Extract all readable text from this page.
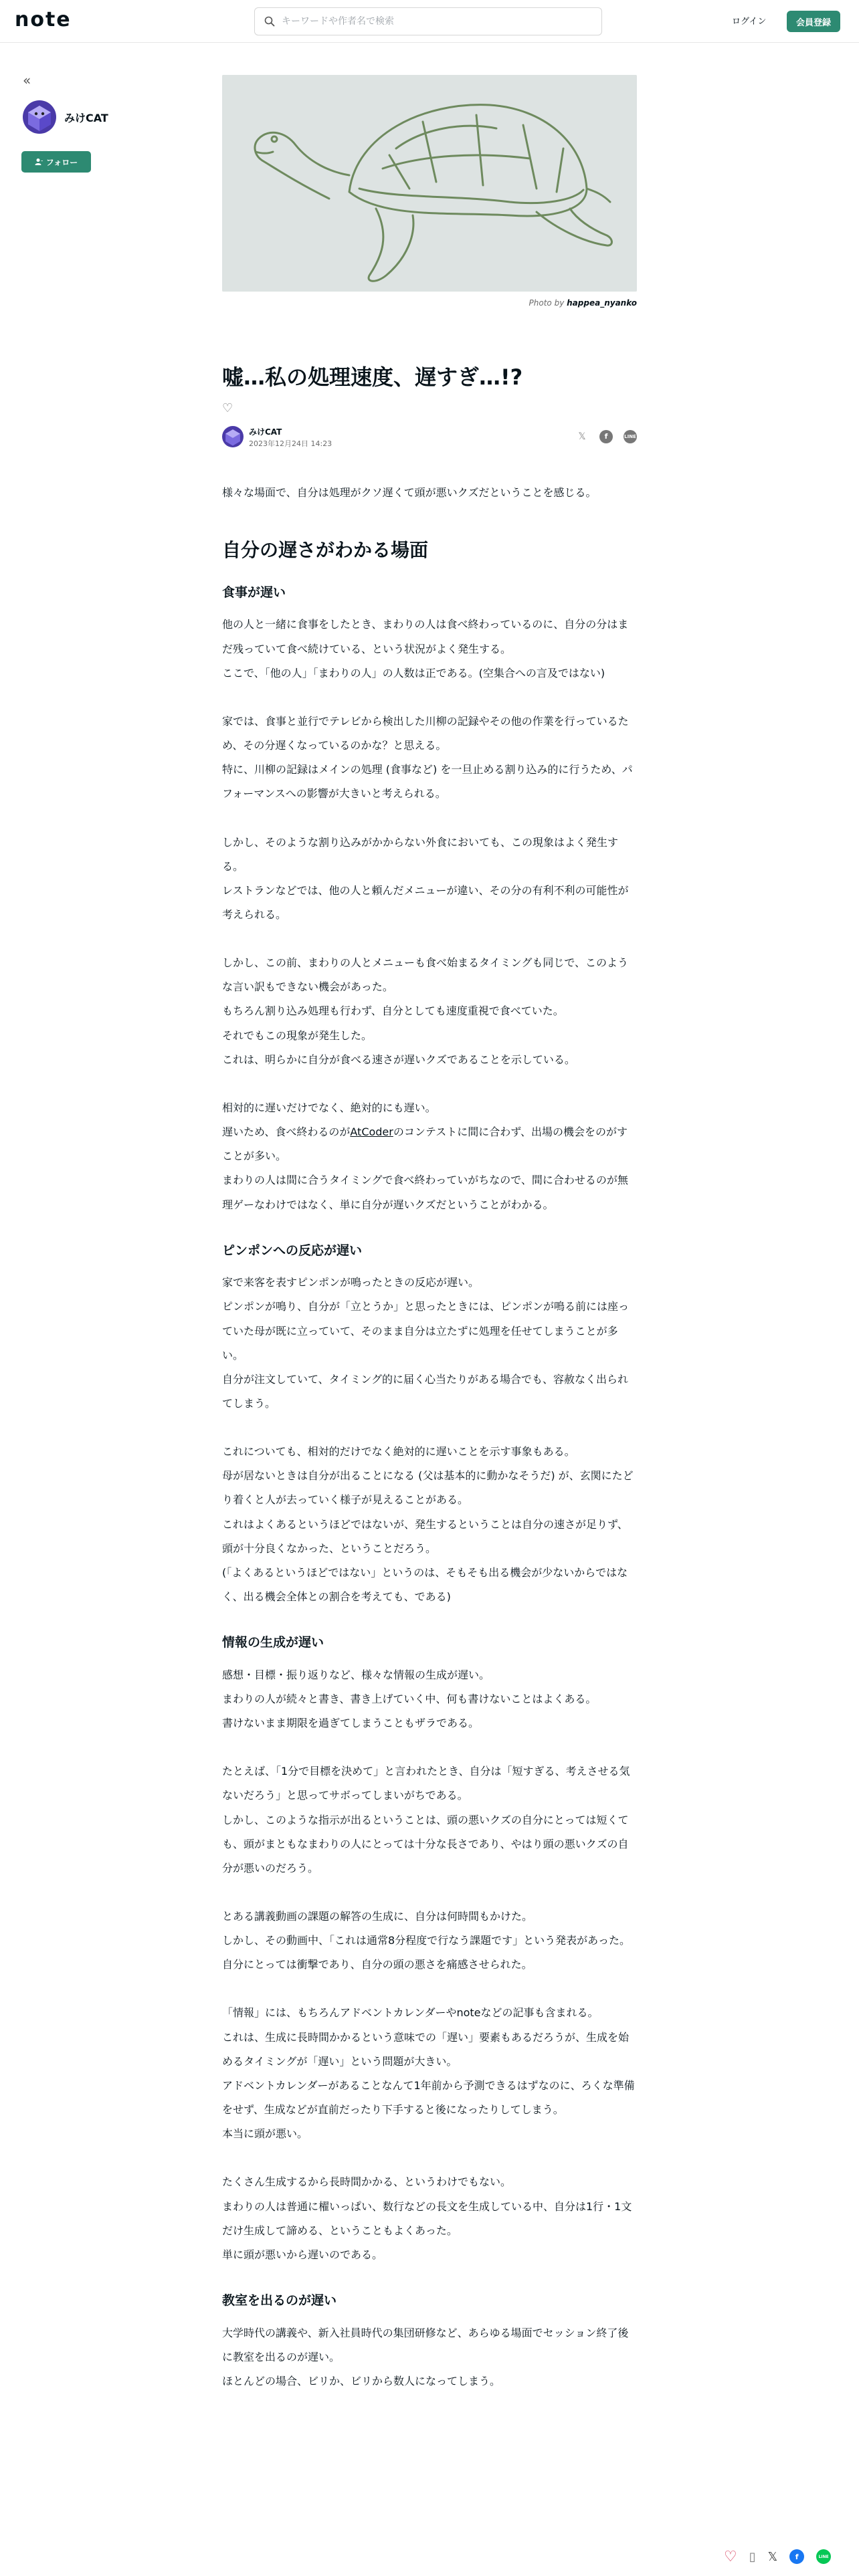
note
キーワードや作者名で検索	ログイン	会員登録
«
みけCAT
フォロー
Photo by happea_nyanko
嘘…私の処理速度、遅すぎ…!?
♡
みけCAT
2023年12月24日 14:23
𝕏	f	LINE

様々な場面で、自分は処理がクソ遅くて頭が悪いクズだということを感じる。

自分の遅さがわかる場面
食事が遅い

他の人と一緒に食事をしたとき、まわりの人は食べ終わっているのに、自分の分はまだ残っていて食べ続けている、という状況がよく発生する。
ここで、「他の人」「まわりの人」の人数は正である。(空集合への言及ではない)

家では、食事と並行でテレビから検出した川柳の記録やその他の作業を行っているため、その分遅くなっているのかな？と思える。
特に、川柳の記録はメインの処理 (食事など) を一旦止める割り込み的に行うため、パフォーマンスへの影響が大きいと考えられる。

しかし、そのような割り込みがかからない外食においても、この現象はよく発生する。
レストランなどでは、他の人と頼んだメニューが違い、その分の有利不利の可能性が考えられる。

しかし、この前、まわりの人とメニューも食べ始まるタイミングも同じで、このような言い訳もできない機会があった。
もちろん割り込み処理も行わず、自分としても速度重視で食べていた。
それでもこの現象が発生した。
これは、明らかに自分が食べる速さが遅いクズであることを示している。

相対的に遅いだけでなく、絶対的にも遅い。
遅いため、食べ終わるのがAtCoderのコンテストに間に合わず、出場の機会をのがすことが多い。
まわりの人は間に合うタイミングで食べ終わっていがちなので、間に合わせるのが無理ゲーなわけではなく、単に自分が遅いクズだということがわかる。

ピンポンへの反応が遅い

家で来客を表すピンポンが鳴ったときの反応が遅い。
ピンポンが鳴り、自分が「立とうか」と思ったときには、ピンポンが鳴る前には座っていた母が既に立っていて、そのまま自分は立たずに処理を任せてしまうことが多い。
自分が注文していて、タイミング的に届く心当たりがある場合でも、容赦なく出られてしまう。

これについても、相対的だけでなく絶対的に遅いことを示す事象もある。
母が居ないときは自分が出ることになる (父は基本的に動かなそうだ) が、玄関にたどり着くと人が去っていく様子が見えることがある。
これはよくあるというほどではないが、発生するということは自分の速さが足りず、頭が十分良くなかった、ということだろう。
(「よくあるというほどではない」というのは、そもそも出る機会が少ないからではなく、出る機会全体との割合を考えても、である)

情報の生成が遅い

感想・目標・振り返りなど、様々な情報の生成が遅い。
まわりの人が続々と書き、書き上げていく中、何も書けないことはよくある。
書けないまま期限を過ぎてしまうこともザラである。

たとえば、「1分で目標を決めて」と言われたとき、自分は「短すぎる、考えさせる気ないだろう」と思ってサボってしまいがちである。
しかし、このような指示が出るということは、頭の悪いクズの自分にとっては短くても、頭がまともなまわりの人にとっては十分な長さであり、やはり頭の悪いクズの自分が悪いのだろう。

とある講義動画の課題の解答の生成に、自分は何時間もかけた。
しかし、その動画中、「これは通常8分程度で行なう課題です」という発表があった。
自分にとっては衝撃であり、自分の頭の悪さを痛感させられた。

「情報」には、もちろんアドベントカレンダーやnoteなどの記事も含まれる。
これは、生成に長時間かかるという意味での「遅い」要素もあるだろうが、生成を始めるタイミングが「遅い」という問題が大きい。
アドベントカレンダーがあることなんて1年前から予測できるはずなのに、ろくな準備をせず、生成などが直前だったり下手すると後になったりしてしまう。
本当に頭が悪い。

たくさん生成するから長時間かかる、というわけでもない。
まわりの人は普通に櫂いっぱい、数行などの長文を生成している中、自分は1行・1文だけ生成して諦める、ということもよくあった。
単に頭が悪いから遅いのである。

教室を出るのが遅い

大学時代の講義や、新入社員時代の集団研修など、あらゆる場面でセッション終了後に教室を出るのが遅い。
ほとんどの場合、ビリか、ビリから数人になってしまう。

♡ ▯ 𝕏	f	LINE
